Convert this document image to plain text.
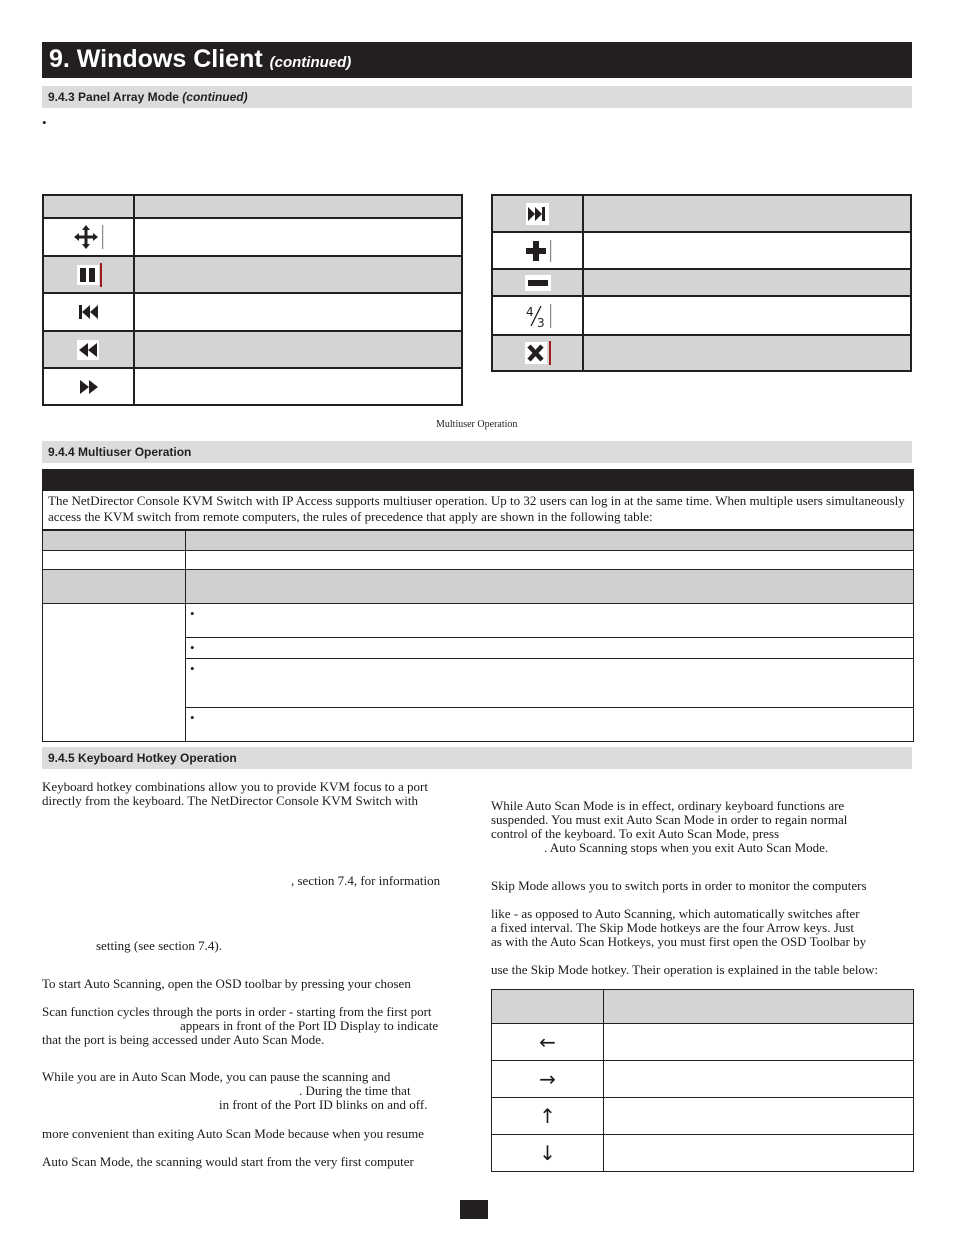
9. Windows Client (continued)
9.4.3 Panel Array Mode (continued)
•

4
3	

Multiuser Operation
9.4.4 Multiuser Operation
The NetDirector Console KVM Switch with IP Access supports multiuser operation. Up to 32 users can log in at the same time. When multiple users simultaneously access the KVM switch from remote computers, the rules of precedence that apply are shown in the following table:

	•
	•
	•
	•
9.4.5 Keyboard Hotkey Operation
Keyboard hotkey combinations allow you to provide KVM focus to a port
directly from the keyboard. The NetDirector Console KVM Switch with
, section 7.4, for information
setting (see section 7.4).
To start Auto Scanning, open the OSD toolbar by pressing your chosen
Scan function cycles through the ports in order - starting from the first port
appears in front of the Port ID Display to indicate
that the port is being accessed under Auto Scan Mode.
While you are in Auto Scan Mode, you can pause the scanning and
. During the time that
in front of the Port ID blinks on and off.
more convenient than exiting Auto Scan Mode because when you resume
Auto Scan Mode, the scanning would start from the very first computer
While Auto Scan Mode is in effect, ordinary keyboard functions are
suspended. You must exit Auto Scan Mode in order to regain normal
control of the keyboard. To exit Auto Scan Mode, press
. Auto Scanning stops when you exit Auto Scan Mode.
Skip Mode allows you to switch ports in order to monitor the computers
like - as opposed to Auto Scanning, which automatically switches after
a fixed interval. The Skip Mode hotkeys are the four Arrow keys. Just
as with the Auto Scan Hotkeys, you must first open the OSD Toolbar by
use the Skip Mode hotkey. Their operation is explained in the table below:

←	
→	
↑	
↓	
